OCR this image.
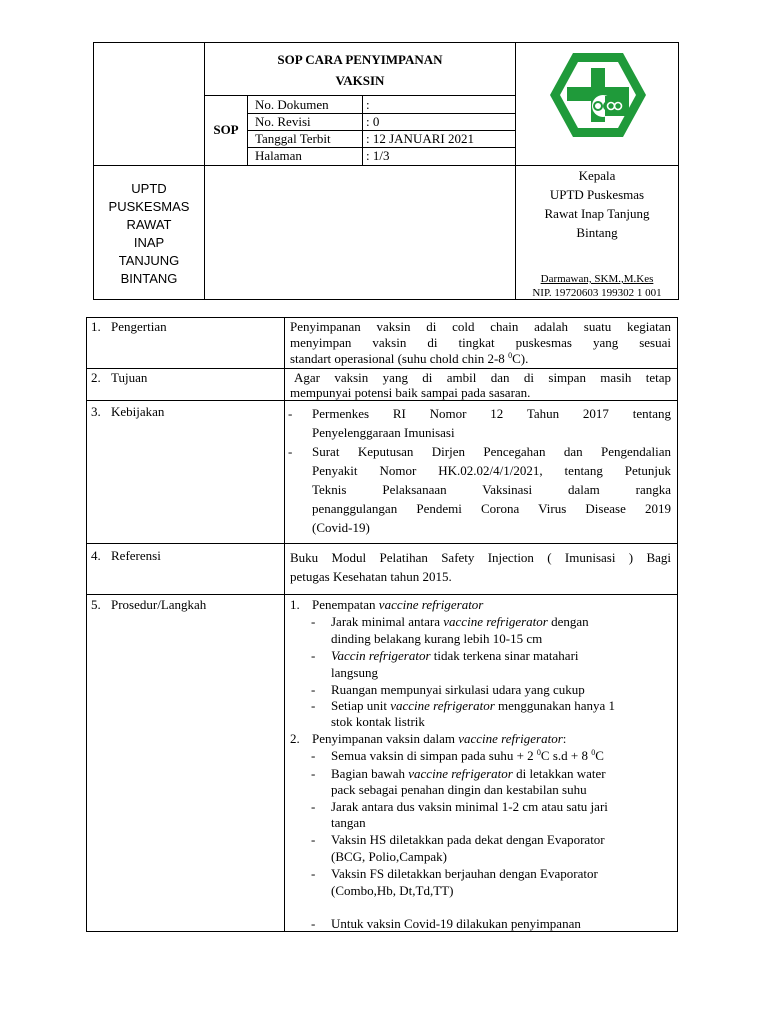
SOP CARA PENYIMPANAN
VAKSIN
SOP
No. Dokumen	:
No. Revisi	: 0
Tanggal Terbit	: 12 JANUARI 2021
Halaman	: 1/3
UPTD
PUSKESMAS
RAWAT
INAP
TANJUNG
BINTANG
Kepala
UPTD Puskesmas
Rawat Inap Tanjung
Bintang
Darmawan, SKM.,M.Kes
NIP. 19720603 199302 1 001
1. Pengertian	Penyimpanan vaksin di cold chain adalah suatu kegiatan
menyimpan vaksin di tingkat puskesmas yang sesuai
standart operasional (suhu chold chin 2-8 $^0$C).
2. Tujuan	Agar vaksin yang di ambil dan di simpan masih tetap
mempunyai potensi baik sampai pada sasaran.
3. Kebijakan	- Permenkes RI Nomor 12 Tahun 2017 tentang
Penyelenggaraan Imunisasi
- Surat Keputusan Dirjen Pencegahan dan Pengendalian
Penyakit Nomor HK.02.02/4/1/2021, tentang Petunjuk
Teknis Pelaksanaan Vaksinasi dalam rangka
penanggulangan Pendemi Corona Virus Disease 2019
(Covid-19)
4. Referensi	Buku Modul Pelatihan Safety Injection ( Imunisasi ) Bagi
petugas Kesehatan tahun 2015.
5. Prosedur/Langkah	1. Penempatan vaccine refrigerator
- Jarak minimal antara vaccine refrigerator dengan
dinding belakang kurang lebih 10-15 cm
- Vaccin refrigerator tidak terkena sinar matahari
langsung
- Ruangan mempunyai sirkulasi udara yang cukup
- Setiap unit vaccine refrigerator menggunakan hanya 1
stok kontak listrik
2. Penyimpanan vaksin dalam vaccine refrigerator:
- Semua vaksin di simpan pada suhu + 2 $^0$C s.d + 8 $^0$C
- Bagian bawah vaccine refrigerator di letakkan water
pack sebagai penahan dingin dan kestabilan suhu
- Jarak antara dus vaksin minimal 1-2 cm atau satu jari
tangan
- Vaksin HS diletakkan pada dekat dengan Evaporator
(BCG, Polio,Campak)
- Vaksin FS diletakkan berjauhan dengan Evaporator
(Combo,Hb, Dt,Td,TT)
- Untuk vaksin Covid-19 dilakukan penyimpanan
